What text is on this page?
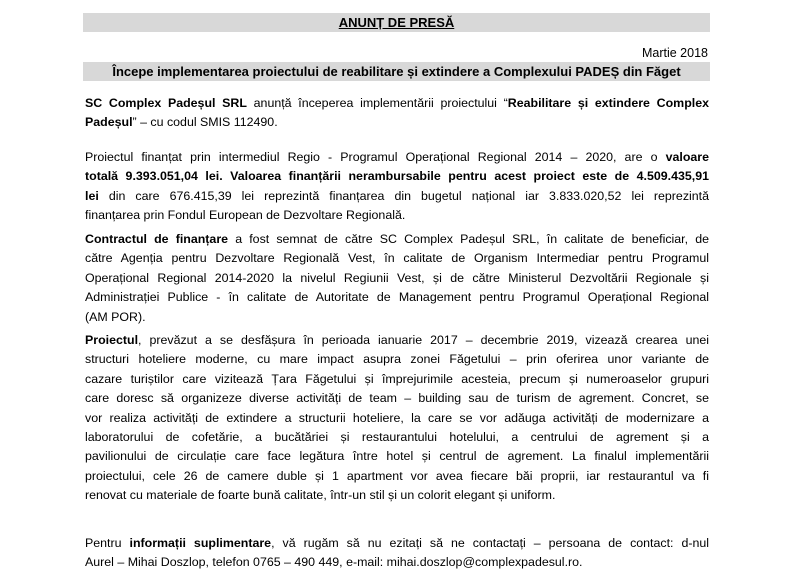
ANUNȚ DE PRESĂ
Martie 2018
Începe implementarea proiectului de reabilitare și extindere a Complexului PADEȘ din Făget
SC Complex Padeșul SRL anunță începerea implementării proiectului “Reabilitare și extindere Complex
Padeșul” – cu codul SMIS 112490.
Proiectul finanțat prin intermediul Regio - Programul Operațional Regional 2014 – 2020, are o valoare
totală 9.393.051,04 lei. Valoarea finanțării nerambursabile pentru acest proiect este de 4.509.435,91
lei din care 676.415,39 lei reprezintă finanțarea din bugetul național iar 3.833.020,52 lei reprezintă
finanțarea prin Fondul European de Dezvoltare Regională.
Contractul de finanțare a fost semnat de către SC Complex Padeșul SRL, în calitate de beneficiar, de
către Agenția pentru Dezvoltare Regională Vest, în calitate de Organism Intermediar pentru Programul
Operațional Regional 2014-2020 la nivelul Regiunii Vest, și de către Ministerul Dezvoltării Regionale și
Administrației Publice - în calitate de Autoritate de Management pentru Programul Operațional Regional
(AM POR).
Proiectul, prevăzut a se desfășura în perioada ianuarie 2017 – decembrie 2019, vizează crearea unei
structuri hoteliere moderne, cu mare impact asupra zonei Făgetului – prin oferirea unor variante de
cazare turiștilor care vizitează Țara Făgetului și împrejurimile acesteia, precum și numeroaselor grupuri
care doresc să organizeze diverse activități de team – building sau de turism de agrement. Concret, se
vor realiza activități de extindere a structurii hoteliere, la care se vor adăuga activități de modernizare a
laboratorului de cofetărie, a bucătăriei și restaurantului hotelului, a centrului de agrement și a
pavilionului de circulație care face legătura între hotel și centrul de agrement. La finalul implementării
proiectului, cele 26 de camere duble și 1 apartment vor avea fiecare băi proprii, iar restaurantul va fi
renovat cu materiale de foarte bună calitate, într-un stil și un colorit elegant și uniform.
Pentru informații suplimentare, vă rugăm să nu ezitați să ne contactați – persoana de contact: d-nul
Aurel – Mihai Doszlop, telefon 0765 – 490 449, e-mail: mihai.doszlop@complexpadesul.ro.
